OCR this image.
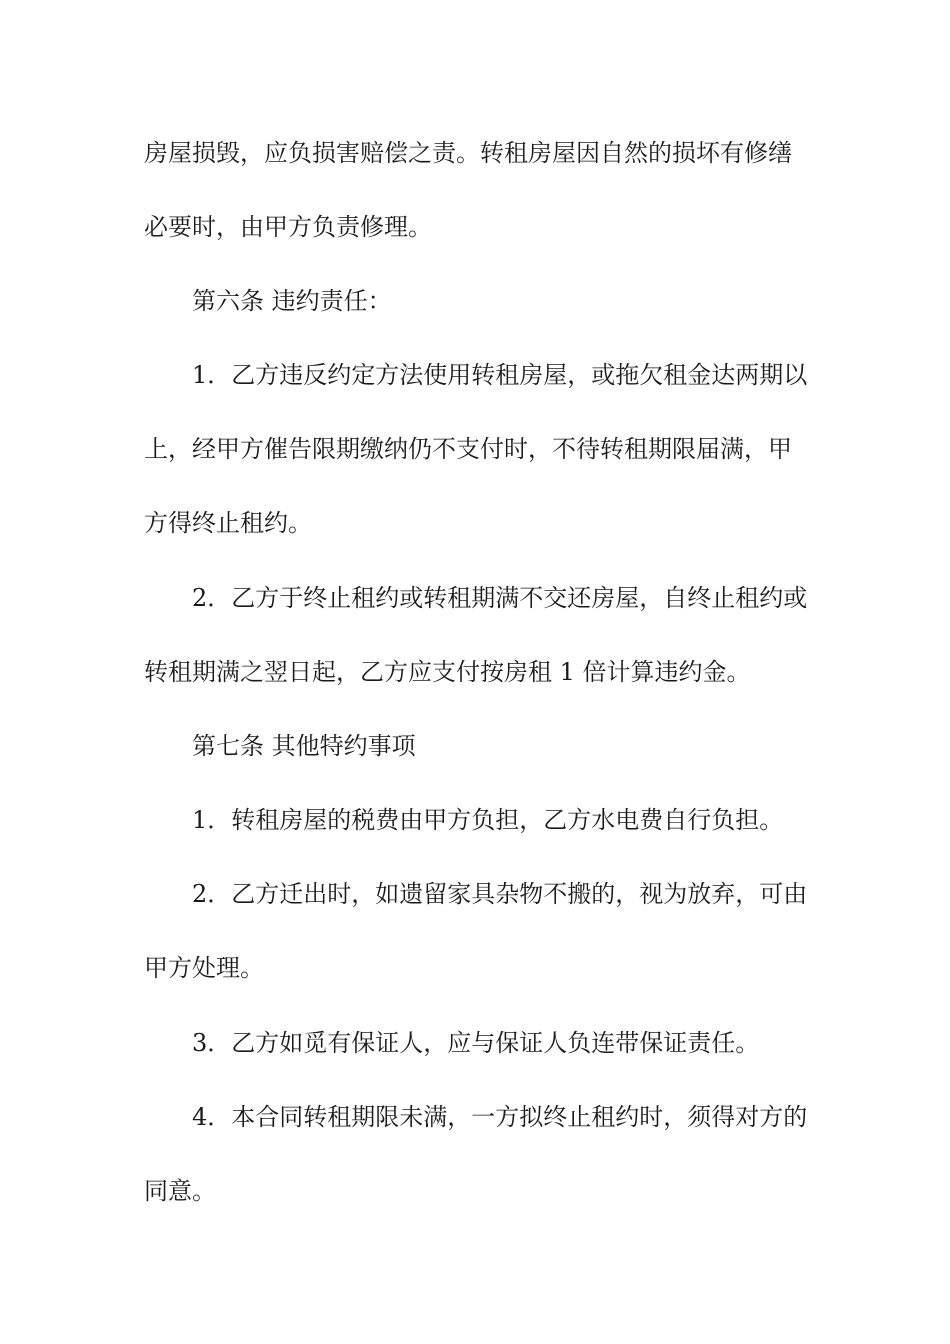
房屋损毁，应负损害赔偿之责。转租房屋因自然的损坏有修缮
必要时，由甲方负责修理。
第六条 违约责任：
1．乙方违反约定方法使用转租房屋，或拖欠租金达两期以
上，经甲方催告限期缴纳仍不支付时，不待转租期限届满，甲
方得终止租约。
2．乙方于终止租约或转租期满不交还房屋，自终止租约或
转租期满之翌日起，乙方应支付按房租 1 倍计算违约金。
第七条 其他特约事项
1．转租房屋的税费由甲方负担，乙方水电费自行负担。
2．乙方迁出时，如遗留家具杂物不搬的，视为放弃，可由
甲方处理。
3．乙方如觅有保证人，应与保证人负连带保证责任。
4．本合同转租期限未满，一方拟终止租约时，须得对方的
同意。
